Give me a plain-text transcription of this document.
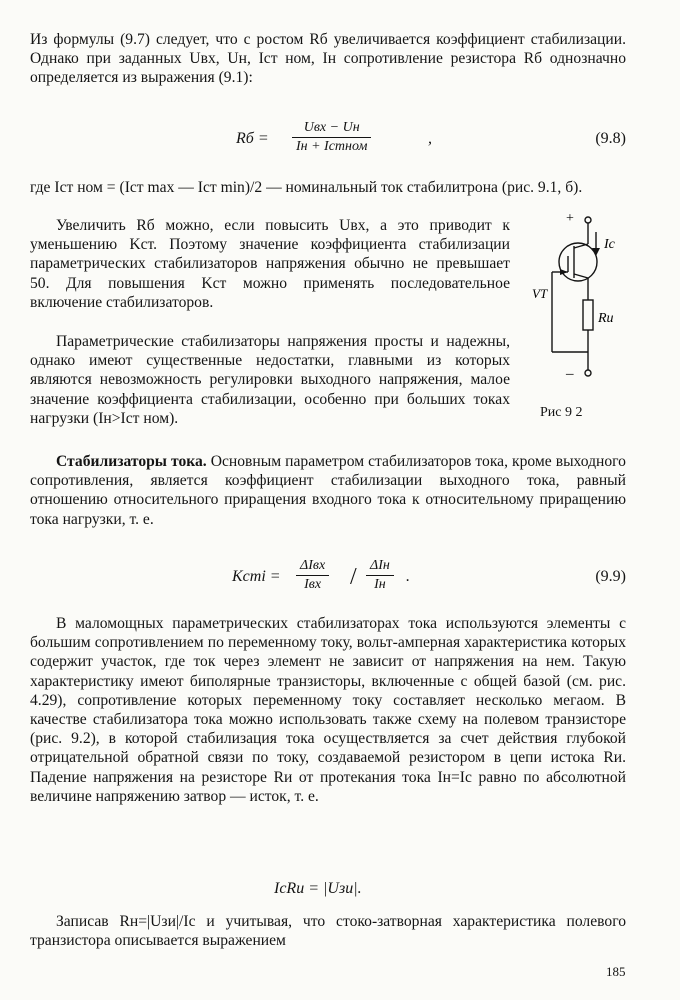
Из формулы (9.7) следует, что с ростом Rб увеличивается коэффициент стабилизации. Однако при заданных Uвх, Uн, Iст ном, Iн сопротивление резистора Rб однозначно определяется из выражения (9.1):

Rб =
Uвх − Uн
Iн + Iстном	,	(9.8)

где Iст ном = (Iст max — Iст min)/2 — номинальный ток стабилитрона (рис. 9.1, б).

Увеличить Rб можно, если повысить Uвх, а это приводит к уменьшению Kст. Поэтому значение коэффициента стабилизации параметрических стабилизаторов напряжения обычно не превышает 50. Для повышения Kст можно применять последовательное включение стабилизаторов.

Параметрические стабилизаторы напряжения просты и надежны, однако имеют существенные недостатки, главными из которых являются невозможность регулировки выходного напряжения, малое значение коэффициента стабилизации, особенно при больших токах нагрузки (Iн>Iст ном).

Стабилизаторы тока. Основным параметром стабилизаторов тока, кроме выходного сопротивления, является коэффициент стабилизации выходного тока, равный отношению относительного приращения входного тока к относительному приращению тока нагрузки, т. е.

Kстi =
ΔIвх
Iвх	/ ΔIн
Iн	.	(9.9)

В маломощных параметрических стабилизаторах тока используются элементы с большим сопротивлением по переменному току, вольт-амперная характеристика которых содержит участок, где ток через элемент не зависит от напряжения на нем. Такую характеристику имеют биполярные транзисторы, включенные с общей базой (см. рис. 4.29), сопротивление которых переменному току составляет несколько мегаом. В качестве стабилизатора тока можно использовать также схему на полевом транзисторе (рис. 9.2), в которой стабилизация тока осуществляется за счет действия глубокой отрицательной обратной связи по току, создаваемой резистором в цепи истока Rи. Падение напряжения на резисторе Rи от протекания тока Iн=Iс равно по абсолютной величине напряжению затвор — исток, т. е.

IсRи = |Uзи|.

Записав Rн=|Uзи|/Iс и учитывая, что стоко-затворная характеристика полевого транзистора описывается выражением

+
Iс
VT
Rи
–
Рис 9 2
185
